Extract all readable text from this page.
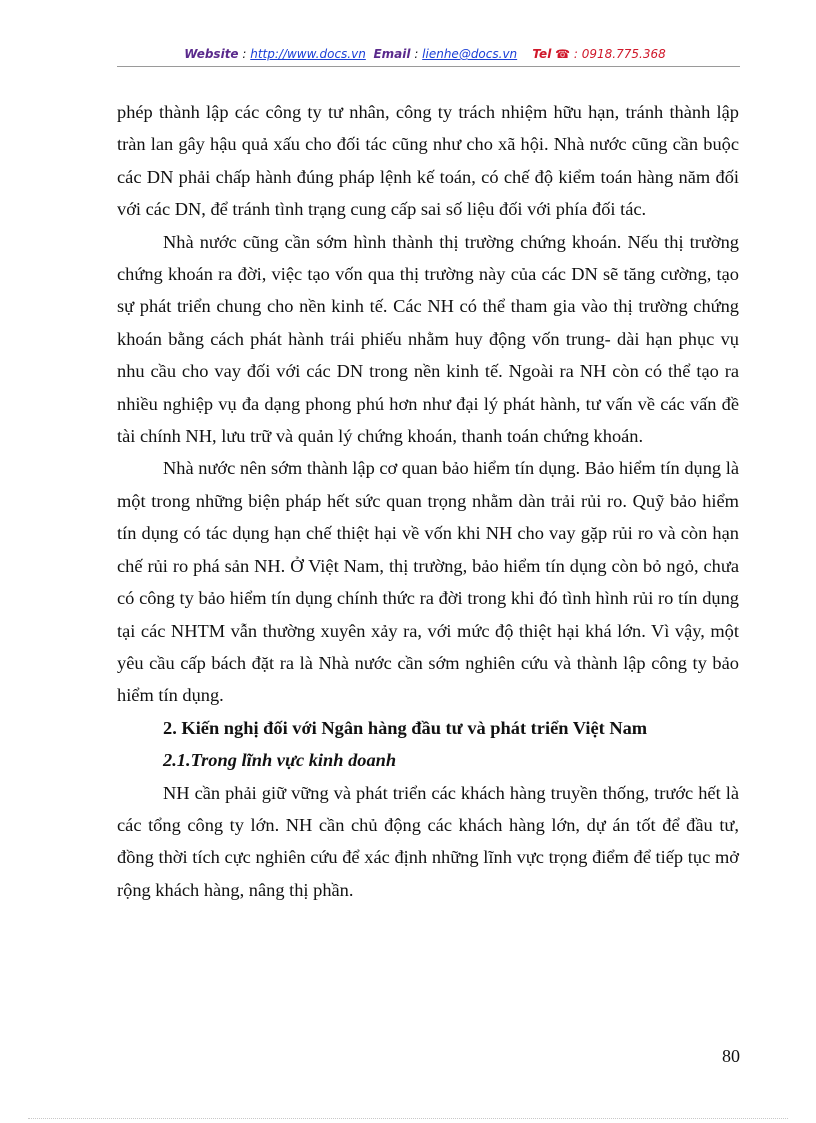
Website : http://www.docs.vn Email : lienhe@docs.vn Tel ☎ : 0918.775.368

phép thành lập các công ty tư nhân, công ty trách nhiệm hữu hạn, tránh thành lập tràn lan gây hậu quả xấu cho đối tác cũng như cho xã hội. Nhà nước cũng cần buộc các DN phải chấp hành đúng pháp lệnh kế toán, có chế độ kiểm toán hàng năm đối với các DN, để tránh tình trạng cung cấp sai số liệu đối với phía đối tác.

Nhà nước cũng cần sớm hình thành thị trường chứng khoán. Nếu thị trường chứng khoán ra đời, việc tạo vốn qua thị trường này của các DN sẽ tăng cường, tạo sự phát triển chung cho nền kinh tế. Các NH có thể tham gia vào thị trường chứng khoán bằng cách phát hành trái phiếu nhằm huy động vốn trung- dài hạn phục vụ nhu cầu cho vay đối với các DN trong nền kinh tế. Ngoài ra NH còn có thể tạo ra nhiều nghiệp vụ đa dạng phong phú hơn như đại lý phát hành, tư vấn về các vấn đề tài chính NH, lưu trữ và quản lý chứng khoán, thanh toán chứng khoán.

Nhà nước nên sớm thành lập cơ quan bảo hiểm tín dụng. Bảo hiểm tín dụng là một trong những biện pháp hết sức quan trọng nhằm dàn trải rủi ro. Quỹ bảo hiểm tín dụng có tác dụng hạn chế thiệt hại về vốn khi NH cho vay gặp rủi ro và còn hạn chế rủi ro phá sản NH. Ở Việt Nam, thị trường, bảo hiểm tín dụng còn bỏ ngỏ, chưa có công ty bảo hiểm tín dụng chính thức ra đời trong khi đó tình hình rủi ro tín dụng tại các NHTM vẫn thường xuyên xảy ra, với mức độ thiệt hại khá lớn. Vì vậy, một yêu cầu cấp bách đặt ra là Nhà nước cần sớm nghiên cứu và thành lập công ty bảo hiểm tín dụng.

2. Kiến nghị đối với Ngân hàng đầu tư và phát triển Việt Nam

2.1.Trong lĩnh vực kinh doanh

NH cần phải giữ vững và phát triển các khách hàng truyền thống, trước hết là các tổng công ty lớn. NH cần chủ động các khách hàng lớn, dự án tốt để đầu tư, đồng thời tích cực nghiên cứu để xác định những lĩnh vực trọng điểm để tiếp tục mở rộng khách hàng, nâng thị phần.

80
